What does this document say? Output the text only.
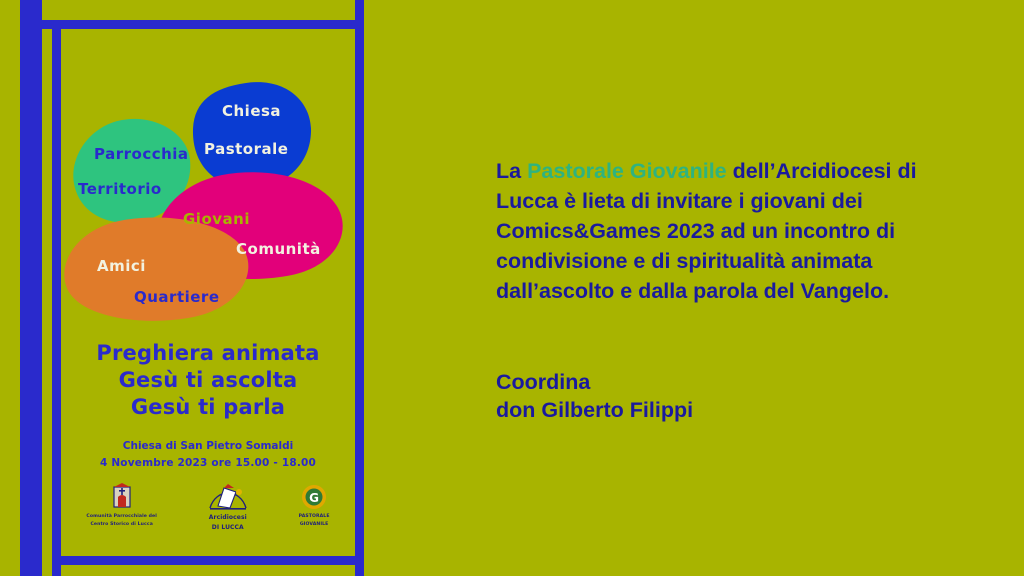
Chiesa
Pastorale
Parrocchia
Territorio
Giovani
Comunità
Amici
Quartiere
Preghiera animata
Gesù ti ascolta
Gesù ti parla
Chiesa di San Pietro Somaldi
4 Novembre 2023 ore 15.00 - 18.00
Comunità Parrocchiale del
Centro Storico di Lucca
Arcidiocesi
DI LUCCA
G
PASTORALE
GIOVANILE

La Pastorale Giovanile dell’Arcidiocesi di Lucca è lieta di invitare i giovani dei Comics&Games 2023 ad un incontro di condivisione e di spiritualità animata dall’ascolto e dalla parola del Vangelo.

Coordina
don Gilberto Filippi
